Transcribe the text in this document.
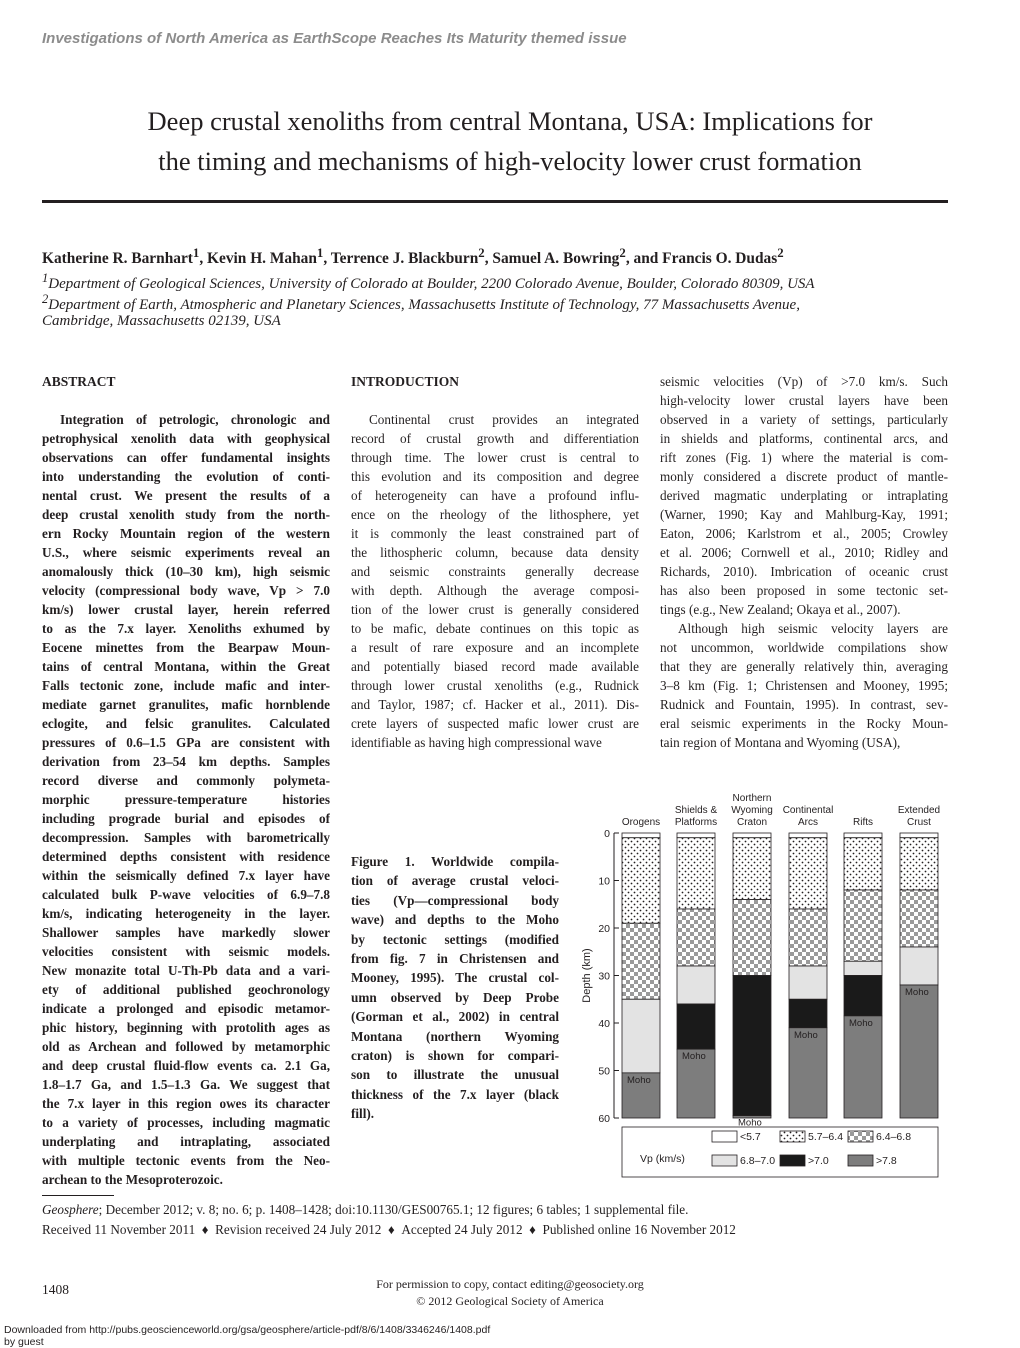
Investigations of North America as EarthScope Reaches Its Maturity themed issue
Deep crustal xenoliths from central Montana, USA: Implications for
the timing and mechanisms of high-velocity lower crust formation
Katherine R. Barnhart$^1$, Kevin H. Mahan$^1$, Terrence J. Blackburn$^2$, Samuel A. Bowring$^2$, and Francis O. Dudas$^2$
$^1$Department of Geological Sciences, University of Colorado at Boulder, 2200 Colorado Avenue, Boulder, Colorado 80309, USA
$^2$Department of Earth, Atmospheric and Planetary Sciences, Massachusetts Institute of Technology, 77 Massachusetts Avenue,
Cambridge, Massachusetts 02139, USA
ABSTRACT	INTRODUCTION
Integration of petrologic, chronologic and
petrophysical xenolith data with geophysical
observations can offer fundamental insights
into understanding the evolution of conti-
nental crust. We present the results of a
deep crustal xenolith study from the north-
ern Rocky Mountain region of the western
U.S., where seismic experiments reveal an
anomalously thick (10–30 km), high seismic
velocity (compressional body wave, Vp > 7.0
km/s) lower crustal layer, herein referred
to as the 7.x layer. Xenoliths exhumed by
Eocene minettes from the Bearpaw Moun-
tains of central Montana, within the Great
Falls tectonic zone, include mafic and inter-
mediate garnet granulites, mafic hornblende
eclogite, and felsic granulites. Calculated
pressures of 0.6–1.5 GPa are consistent with
derivation from 23–54 km depths. Samples
record diverse and commonly polymeta-
morphic pressure-temperature histories
including prograde burial and episodes of
decompression. Samples with barometrically
determined depths consistent with residence
within the seismically defined 7.x layer have
calculated bulk P-wave velocities of 6.9–7.8
km/s, indicating heterogeneity in the layer.
Shallower samples have markedly slower
velocities consistent with seismic models.
New monazite total U-Th-Pb data and a vari-
ety of additional published geochronology
indicate a prolonged and episodic metamor-
phic history, beginning with protolith ages as
old as Archean and followed by metamorphic
and deep crustal fluid-flow events ca. 2.1 Ga,
1.8–1.7 Ga, and 1.5–1.3 Ga. We suggest that
the 7.x layer in this region owes its character
to a variety of processes, including magmatic
underplating and intraplating, associated
with multiple tectonic events from the Neo-
archean to the Mesoproterozoic.
Continental crust provides an integrated
record of crustal growth and differentiation
through time. The lower crust is central to
this evolution and its composition and degree
of heterogeneity can have a profound influ-
ence on the rheology of the lithosphere, yet
it is commonly the least constrained part of
the lithospheric column, because data density
and seismic constraints generally decrease
with depth. Although the average composi-
tion of the lower crust is generally considered
to be mafic, debate continues on this topic as
a result of rare exposure and an incomplete
and potentially biased record made available
through lower crustal xenoliths (e.g., Rudnick
and Taylor, 1987; cf. Hacker et al., 2011). Dis-
crete layers of suspected mafic lower crust are
identifiable as having high compressional wave
seismic velocities (Vp) of >7.0 km/s. Such
high-velocity lower crustal layers have been
observed in a variety of settings, particularly
in shields and platforms, continental arcs, and
rift zones (Fig. 1) where the material is com-
monly considered a discrete product of mantle-
derived magmatic underplating or intraplating
(Warner, 1990; Kay and Mahlburg-Kay, 1991;
Eaton, 2006; Karlstrom et al., 2005; Crowley
et al. 2006; Cornwell et al., 2010; Ridley and
Richards, 2010). Imbrication of oceanic crust
has also been proposed in some tectonic set-
tings (e.g., New Zealand; Okaya et al., 2007).
Although high seismic velocity layers are
not uncommon, worldwide compilations show
that they are generally relatively thin, averaging
3–8 km (Fig. 1; Christensen and Mooney, 1995;
Rudnick and Fountain, 1995). In contrast, sev-
eral seismic experiments in the Rocky Moun-
tain region of Montana and Wyoming (USA),
Figure 1. Worldwide compila-
tion of average crustal veloci-
ties (Vp—compressional body
wave) and depths to the Moho
by tectonic settings (modified
from fig. 7 in Christensen and
Mooney, 1995). The crustal col-
umn observed by Deep Probe
(Gorman et al., 2002) in central
Montana (northern Wyoming
craton) is shown for compari-
son to illustrate the unusual
thickness of the 7.x layer (black
fill).
0
10
20
30
40
50
60
Depth (km)
Moho
Moho
Moho
Moho
Moho
Moho
Orogens
Shields &
Platforms
Northern
Wyoming
Craton
Continental
Arcs	Rifts
Extended
Crust
Vp (km/s)
<5.7	5.7–6.4	6.4–6.8
6.8–7.0	>7.0	>7.8
Geosphere; December 2012; v. 8; no. 6; p. 1408–1428; doi:10.1130/GES00765.1; 12 figures; 6 tables; 1 supplemental file.
Received 11 November 2011 ♦ Revision received 24 July 2012 ♦ Accepted 24 July 2012 ♦ Published online 16 November 2012
1408	For permission to copy, contact editing@geosociety.org
© 2012 Geological Society of America
Downloaded from http://pubs.geoscienceworld.org/gsa/geosphere/article-pdf/8/6/1408/3346246/1408.pdf
by guest
